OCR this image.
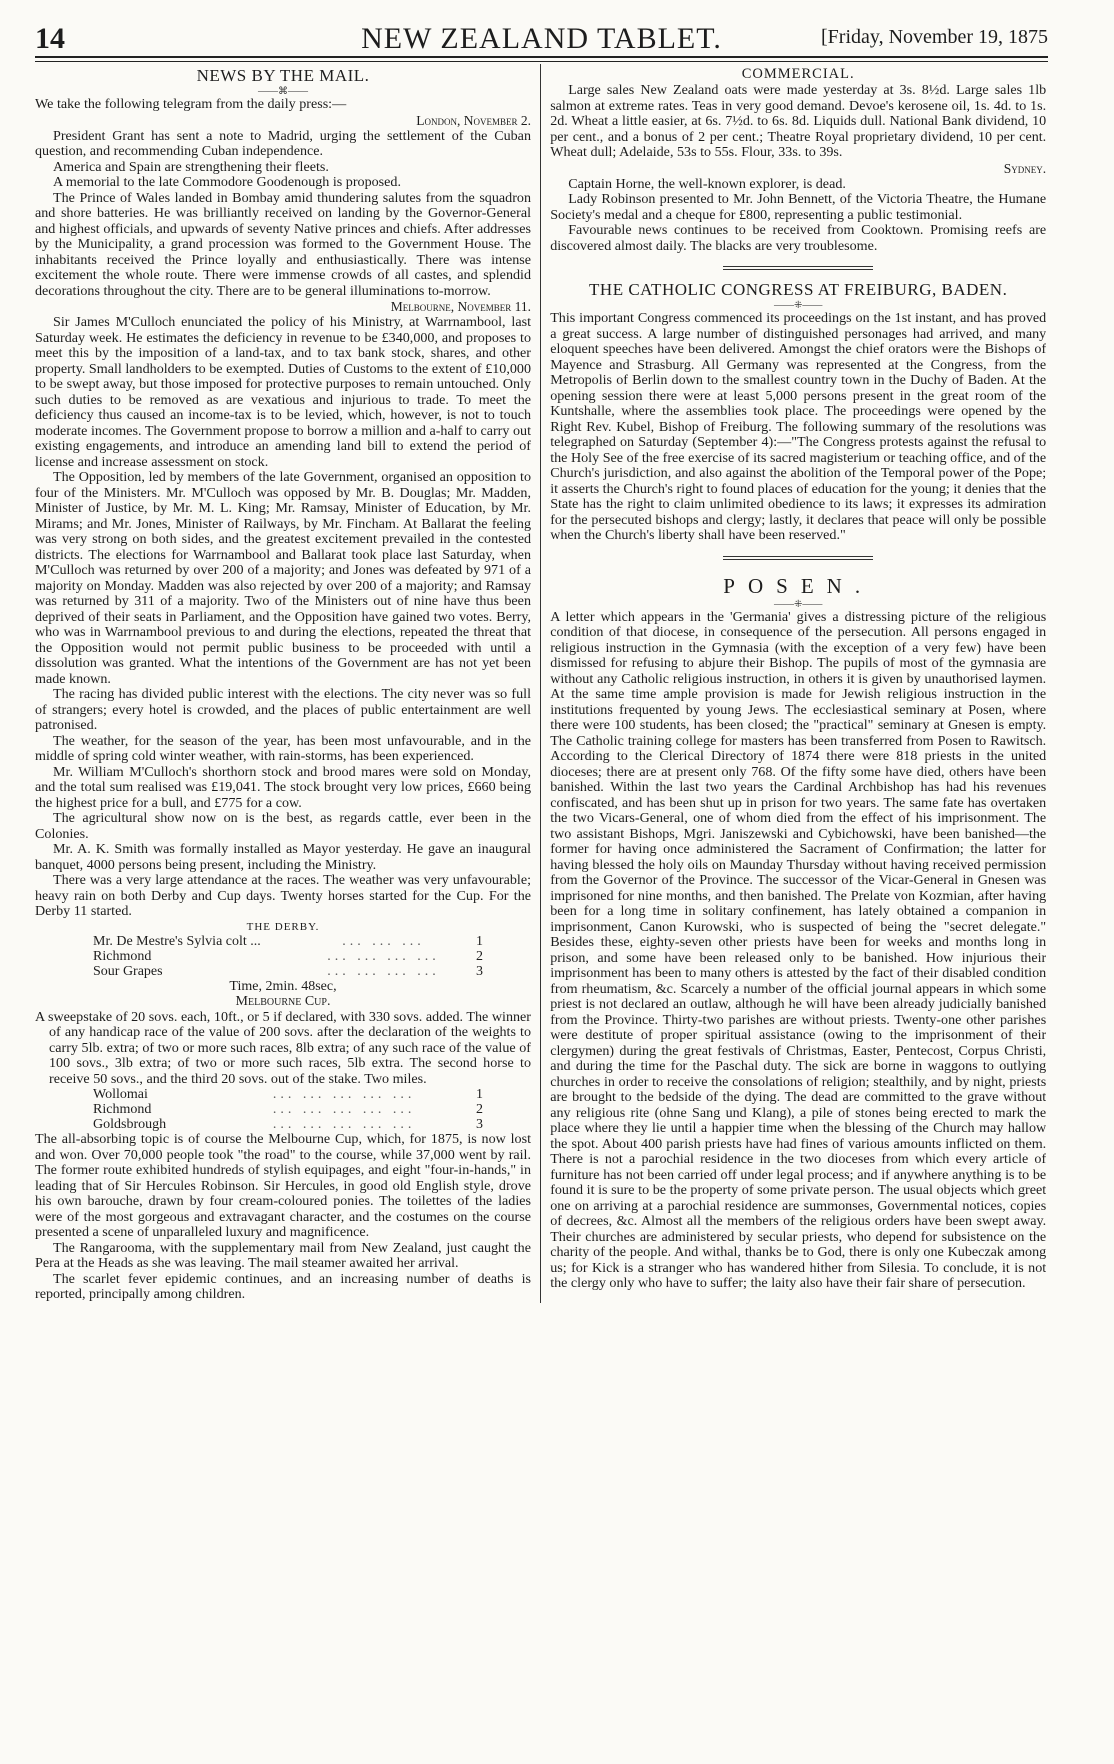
14	NEW ZEALAND TABLET.	[Friday, November 19, 1875
NEWS BY THE MAIL.
——⌘——

We take the following telegram from the daily press:—

London, November 2.

President Grant has sent a note to Madrid, urging the settlement of the Cuban question, and recommending Cuban independence.

America and Spain are strengthening their fleets.

A memorial to the late Commodore Goodenough is proposed.

The Prince of Wales landed in Bombay amid thundering salutes from the squadron and shore batteries. He was brilliantly received on landing by the Governor-General and highest officials, and upwards of seventy Native princes and chiefs. After addresses by the Municipality, a grand procession was formed to the Government House. The inhabitants received the Prince loyally and enthusiastically. There was intense excitement the whole route. There were immense crowds of all castes, and splendid decorations throughout the city. There are to be general illuminations to-morrow.

Melbourne, November 11.

Sir James M'Culloch enunciated the policy of his Ministry, at Warrnambool, last Saturday week. He estimates the deficiency in revenue to be £340,000, and proposes to meet this by the imposition of a land-tax, and to tax bank stock, shares, and other property. Small landholders to be exempted. Duties of Customs to the extent of £10,000 to be swept away, but those imposed for protective purposes to remain untouched. Only such duties to be removed as are vexatious and injurious to trade. To meet the deficiency thus caused an income-tax is to be levied, which, however, is not to touch moderate incomes. The Government propose to borrow a million and a-half to carry out existing engagements, and introduce an amending land bill to extend the period of license and increase assessment on stock.

The Opposition, led by members of the late Government, organised an opposition to four of the Ministers. Mr. M'Culloch was opposed by Mr. B. Douglas; Mr. Madden, Minister of Justice, by Mr. M. L. King; Mr. Ramsay, Minister of Education, by Mr. Mirams; and Mr. Jones, Minister of Railways, by Mr. Fincham. At Ballarat the feeling was very strong on both sides, and the greatest excitement prevailed in the contested districts. The elections for Warrnambool and Ballarat took place last Saturday, when M'Culloch was returned by over 200 of a majority; and Jones was defeated by 971 of a majority on Monday. Madden was also rejected by over 200 of a majority; and Ramsay was returned by 311 of a majority. Two of the Ministers out of nine have thus been deprived of their seats in Parliament, and the Opposition have gained two votes. Berry, who was in Warrnambool previous to and during the elections, repeated the threat that the Opposition would not permit public business to be proceeded with until a dissolution was granted. What the intentions of the Government are has not yet been made known.

The racing has divided public interest with the elections. The city never was so full of strangers; every hotel is crowded, and the places of public entertainment are well patronised.

The weather, for the season of the year, has been most unfavourable, and in the middle of spring cold winter weather, with rain-storms, has been experienced.

Mr. William M'Culloch's shorthorn stock and brood mares were sold on Monday, and the total sum realised was £19,041. The stock brought very low prices, £660 being the highest price for a bull, and £775 for a cow.

The agricultural show now on is the best, as regards cattle, ever been in the Colonies.

Mr. A. K. Smith was formally installed as Mayor yesterday. He gave an inaugural banquet, 4000 persons being present, including the Ministry.

There was a very large attendance at the races. The weather was very unfavourable; heavy rain on both Derby and Cup days. Twenty horses started for the Cup. For the Derby 11 started.

THE DERBY.
Mr. De Mestre's Sylvia colt ...	... ... ...	1
Richmond	... ... ... ...	2
Sour Grapes	... ... ... ...	3
Time, 2min. 48sec,
Melbourne Cup.

A sweepstake of 20 sovs. each, 10ft., or 5 if declared, with 330 sovs. added. The winner of any handicap race of the value of 200 sovs. after the declaration of the weights to carry 5lb. extra; of two or more such races, 8lb extra; of any such race of the value of 100 sovs., 3lb extra; of two or more such races, 5lb extra. The second horse to receive 50 sovs., and the third 20 sovs. out of the stake. Two miles.

Wollomai	... ... ... ... ...	1
Richmond	... ... ... ... ...	2
Goldsbrough	... ... ... ... ...	3

The all-absorbing topic is of course the Melbourne Cup, which, for 1875, is now lost and won. Over 70,000 people took "the road" to the course, while 37,000 went by rail. The former route exhibited hundreds of stylish equipages, and eight "four-in-hands," in leading that of Sir Hercules Robinson. Sir Hercules, in good old English style, drove his own barouche, drawn by four cream-coloured ponies. The toilettes of the ladies were of the most gorgeous and extravagant character, and the costumes on the course presented a scene of unparalleled luxury and magnificence.

The Rangarooma, with the supplementary mail from New Zealand, just caught the Pera at the Heads as she was leaving. The mail steamer awaited her arrival.

The scarlet fever epidemic continues, and an increasing number of deaths is reported, principally among children.

COMMERCIAL.

Large sales New Zealand oats were made yesterday at 3s. 8½d. Large sales 1lb salmon at extreme rates. Teas in very good demand. Devoe's kerosene oil, 1s. 4d. to 1s. 2d. Wheat a little easier, at 6s. 7½d. to 6s. 8d. Liquids dull. National Bank dividend, 10 per cent., and a bonus of 2 per cent.; Theatre Royal proprietary dividend, 10 per cent. Wheat dull; Adelaide, 53s to 55s. Flour, 33s. to 39s.

Sydney.

Captain Horne, the well-known explorer, is dead.

Lady Robinson presented to Mr. John Bennett, of the Victoria Theatre, the Humane Society's medal and a cheque for £800, representing a public testimonial.

Favourable news continues to be received from Cooktown. Promising reefs are discovered almost daily. The blacks are very troublesome.

THE CATHOLIC CONGRESS AT FREIBURG, BADEN.
——⁜——

This important Congress commenced its proceedings on the 1st instant, and has proved a great success. A large number of distinguished personages had arrived, and many eloquent speeches have been delivered. Amongst the chief orators were the Bishops of Mayence and Strasburg. All Germany was represented at the Congress, from the Metropolis of Berlin down to the smallest country town in the Duchy of Baden. At the opening session there were at least 5,000 persons present in the great room of the Kuntshalle, where the assemblies took place. The proceedings were opened by the Right Rev. Kubel, Bishop of Freiburg. The following summary of the resolutions was telegraphed on Saturday (September 4):—"The Congress protests against the refusal to the Holy See of the free exercise of its sacred magisterium or teaching office, and of the Church's jurisdiction, and also against the abolition of the Temporal power of the Pope; it asserts the Church's right to found places of education for the young; it denies that the State has the right to claim unlimited obedience to its laws; it expresses its admiration for the persecuted bishops and clergy; lastly, it declares that peace will only be possible when the Church's liberty shall have been reserved."

POSEN.
——⁜——

A letter which appears in the 'Germania' gives a distressing picture of the religious condition of that diocese, in consequence of the persecution. All persons engaged in religious instruction in the Gymnasia (with the exception of a very few) have been dismissed for refusing to abjure their Bishop. The pupils of most of the gymnasia are without any Catholic religious instruction, in others it is given by unauthorised laymen. At the same time ample provision is made for Jewish religious instruction in the institutions frequented by young Jews. The ecclesiastical seminary at Posen, where there were 100 students, has been closed; the "practical" seminary at Gnesen is empty. The Catholic training college for masters has been transferred from Posen to Rawitsch. According to the Clerical Directory of 1874 there were 818 priests in the united dioceses; there are at present only 768. Of the fifty some have died, others have been banished. Within the last two years the Cardinal Archbishop has had his revenues confiscated, and has been shut up in prison for two years. The same fate has overtaken the two Vicars-General, one of whom died from the effect of his imprisonment. The two assistant Bishops, Mgri. Janiszewski and Cybichowski, have been banished—the former for having once administered the Sacrament of Confirmation; the latter for having blessed the holy oils on Maunday Thursday without having received permission from the Governor of the Province. The successor of the Vicar-General in Gnesen was imprisoned for nine months, and then banished. The Prelate von Kozmian, after having been for a long time in solitary confinement, has lately obtained a companion in imprisonment, Canon Kurowski, who is suspected of being the "secret delegate." Besides these, eighty-seven other priests have been for weeks and months long in prison, and some have been released only to be banished. How injurious their imprisonment has been to many others is attested by the fact of their disabled condition from rheumatism, &c. Scarcely a number of the official journal appears in which some priest is not declared an outlaw, although he will have been already judicially banished from the Province. Thirty-two parishes are without priests. Twenty-one other parishes were destitute of proper spiritual assistance (owing to the imprisonment of their clergymen) during the great festivals of Christmas, Easter, Pentecost, Corpus Christi, and during the time for the Paschal duty. The sick are borne in waggons to outlying churches in order to receive the consolations of religion; stealthily, and by night, priests are brought to the bedside of the dying. The dead are committed to the grave without any religious rite (ohne Sang und Klang), a pile of stones being erected to mark the place where they lie until a happier time when the blessing of the Church may hallow the spot. About 400 parish priests have had fines of various amounts inflicted on them. There is not a parochial residence in the two dioceses from which every article of furniture has not been carried off under legal process; and if anywhere anything is to be found it is sure to be the property of some private person. The usual objects which greet one on arriving at a parochial residence are summonses, Governmental notices, copies of decrees, &c. Almost all the members of the religious orders have been swept away. Their churches are administered by secular priests, who depend for subsistence on the charity of the people. And withal, thanks be to God, there is only one Kubeczak among us; for Kick is a stranger who has wandered hither from Silesia. To conclude, it is not the clergy only who have to suffer; the laity also have their fair share of persecution.
